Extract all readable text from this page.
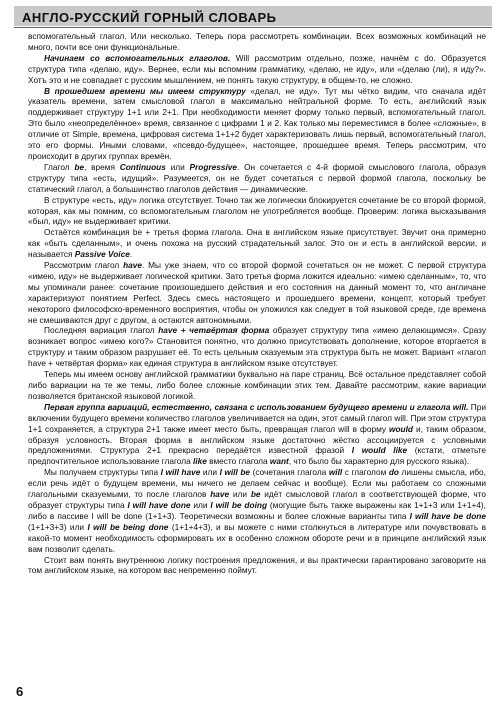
АНГЛО-РУССКИЙ ГОРНЫЙ СЛОВАРЬ

вспомогательный глагол. Или несколько. Теперь пора рассмотреть комбинации. Всех возможных комбинаций не много, почти все они функциональные.

Начинаем со вспомогательных глаголов. Will рассмотрим отдельно, позже, начнём с do. Образуется структура типа «делаю, иду». Вернее, если мы вспомним грамматику, «делаю, не иду», или «(делаю (ли), я иду?». Хотъ это и не совпадает с русским мышлением, не понять такую структуру, в общем-то, не сложно.

В прошедшем времени мы имеем структуру «делал, не иду». Тут мы чётко видим, что сначала идёт указатель времени, затем смысловой глагол в максимально нейтральной форме. То есть, английский язык поддерживает структуру 1+1 или 2+1. При необходимости меняет форму только первый, вспомогательный глагол. Это было «неопределённое» время, связанное с цифрами 1 и 2. Как только мы переместимся в более «сложные», в отличие от Simple, времена, цифровая система 1+1+2 будет характеризовать лишь первый, вспомогательный глагол, это его формы. Иными словами, «псевдо-будущее», настоящее, прошедшее время. Теперь рассмотрим, что происходит в других группах времён.

Глагол be, время Continuous или Progressive. Он сочетается с 4-й формой смыслового глагола, образуя структуру типа «есть, идущий». Разумеется, он не будет сочетаться с первой формой глагола, поскольку be статический глагол, а большинство глаголов действия — динамические.

В структуре «есть, иду» логика отсутствует. Точно так же логически блокируется сочетание be со второй формой, которая, как мы помним, со вспомогательным глаголом не употребляется вообще. Проверим: логика высказывания «был, иду» не выдерживает критики.

Остаётся комбинация be + третья форма глагола. Она в английском языке присутствует. Звучит она примерно как «быть сделанным», и очень похожа на русский страдательный залог. Это он и есть в английской версии, и называется Passive Voice.

Рассмотрим глагол have. Мы уже знаем, что со второй формой сочетаться он не может. С первой структура «имею, иду» не выдерживает логической критики. Зато третья форма ложится идеально: «имею сделанным», то, что мы упоминали ранее: сочетание произошедшего действия и его состояния на данный момент то, что англичане характеризуют понятием Perfect. Здесь смесь настоящего и прошедшего времени, концепт, который требует некоторого философско-временного восприятия, чтобы он уложился как следует в той языковой среде, где времена не смешиваются друг с другом, а остаются автономными.

Последняя вариация глагол have + четвёртая форма образует структуру типа «имею делающимся». Сразу возникает вопрос «имею кого?» Становится понятно, что должно присутствовать дополнение, которое вторгается в структуру и таким образом разрушает её. То есть цельным сказуемым эта структура быть не может. Вариант «глагол have + четвёртая форма» как единая структура в английском языке отсутствует.

Теперь мы имеем основу английской грамматики буквально на паре страниц. Всё остальное представляет собой либо вариации на те же темы, либо более сложные комбинации этих тем. Давайте рассмотрим, какие вариации позволяется британской языковой логикой.

Первая группа вариаций, естественно, связана с использованием будущего времени и глагола will. При включении будущего времени количество глаголов увеличивается на один, этот самый глагол will. При этом структура 1+1 сохраняется, а структура 2+1 также имеет место быть, превращая глагол will в форму would и, таким образом, образуя условность. Вторая форма в английском языке достаточно жёстко ассоциируется с условными предложениями. Структура 2+1 прекрасно передаётся известной фразой I would like (кстати, отметьте предпочтительное использование глагола like вместо глагола want, что было бы характерно для русского языка).

Мы получаем структуры типа I will have или I will be (сочетания глагола will с глаголом do лишены смысла, ибо, если речь идёт о будущем времени, мы ничего не делаем сейчас и вообще). Если мы работаем со сложными глагольными сказуемыми, то после глаголов have или be идёт смысловой глагол в соответствующей форме, что образует структуры типа I will have done или I will be doing (могущие быть также выражены как 1+1+3 или 1+1+4), либо в пассиве I will be done (1+1+3). Теоретически возможны и более сложные варианты типа I will have be done (1+1+3+3) или I will be being done (1+1+4+3), и вы можете с ними столкнуться в литературе или почувствовать в какой-то момент необходимость сформировать их в особенно сложном обороте речи и в принципе английский язык вам позволит сделать.

Стоит вам понять внутреннюю логику построения предложения, и вы практически гарантировано заговорите на том английском языке, на котором вас непременно поймут.

6
